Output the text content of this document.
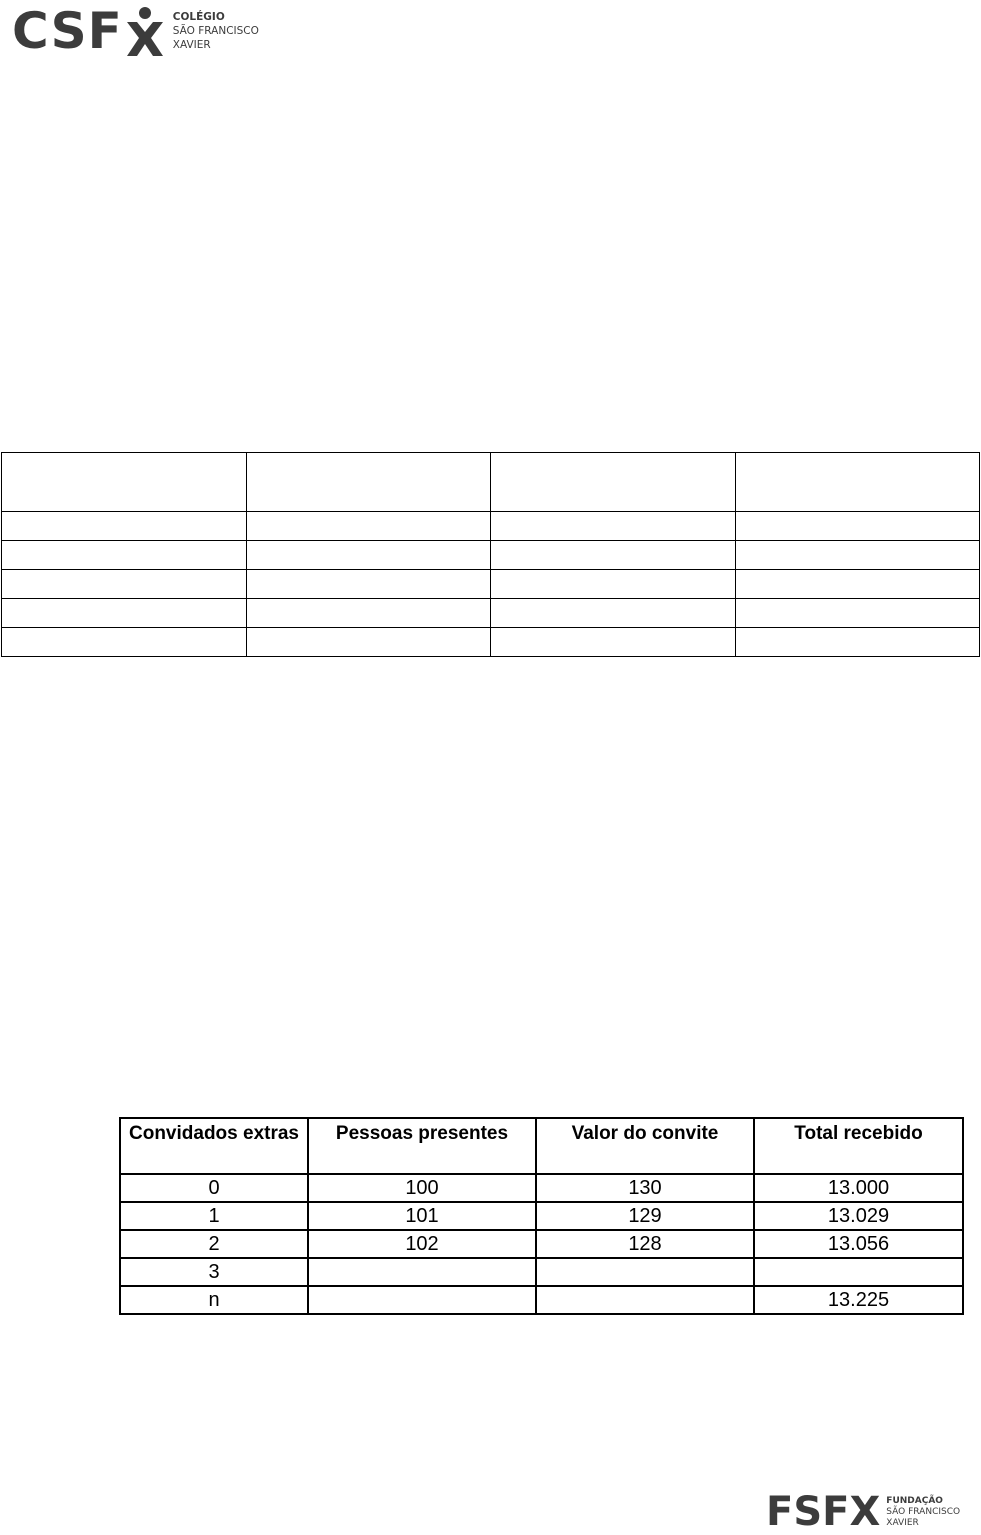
CSF	COLÉGIO
SÃO FRANCISCO
XAVIER

Convidados extras	Pessoas presentes	Valor do convite	Total recebido
0	100	130	13.000
1	101	129	13.029
2	102	128	13.056
3			
n			13.225
FSFX FUNDAÇÃO
SÃO FRANCISCO
XAVIER
